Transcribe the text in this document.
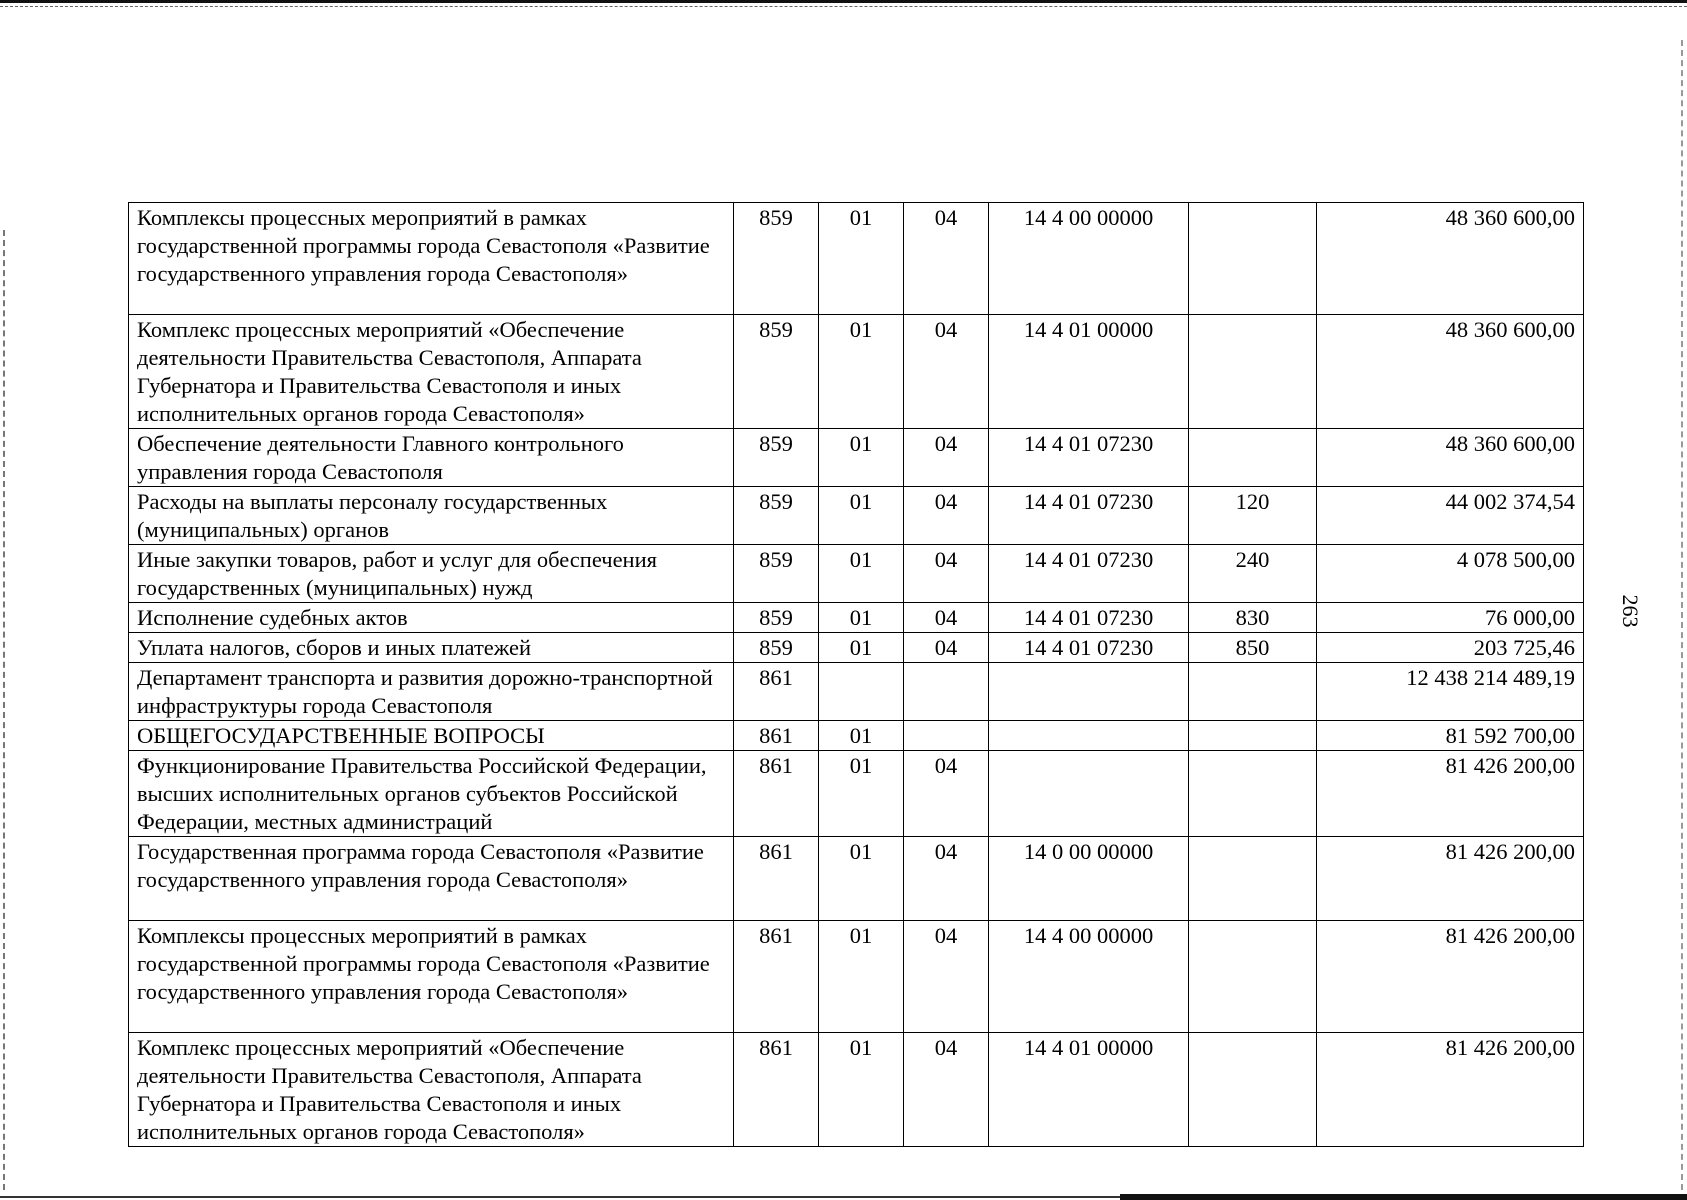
263
Комплексы процессных мероприятий в рамках государственной программы города Севастополя «Развитие государственного управления города Севастополя»	859	01	04	14 4 00 00000		48 360 600,00
Комплекс процессных мероприятий «Обеспечение деятельности Правительства Севастополя, Аппарата Губернатора и Правительства Севастополя и иных исполнительных органов города Севастополя»	859	01	04	14 4 01 00000		48 360 600,00
Обеспечение деятельности Главного контрольного управления города Севастополя	859	01	04	14 4 01 07230		48 360 600,00
Расходы на выплаты персоналу государственных (муниципальных) органов	859	01	04	14 4 01 07230	120	44 002 374,54
Иные закупки товаров, работ и услуг для обеспечения государственных (муниципальных) нужд	859	01	04	14 4 01 07230	240	4 078 500,00
Исполнение судебных актов	859	01	04	14 4 01 07230	830	76 000,00
Уплата налогов, сборов и иных платежей	859	01	04	14 4 01 07230	850	203 725,46
Департамент транспорта и развития дорожно-транспортной инфраструктуры города Севастополя	861					12 438 214 489,19
ОБЩЕГОСУДАРСТВЕННЫЕ ВОПРОСЫ	861	01				81 592 700,00
Функционирование Правительства Российской Федерации, высших исполнительных органов субъектов Российской Федерации, местных администраций	861	01	04			81 426 200,00
Государственная программа города Севастополя «Развитие государственного управления города Севастополя»	861	01	04	14 0 00 00000		81 426 200,00
Комплексы процессных мероприятий в рамках государственной программы города Севастополя «Развитие государственного управления города Севастополя»	861	01	04	14 4 00 00000		81 426 200,00
Комплекс процессных мероприятий «Обеспечение деятельности Правительства Севастополя, Аппарата Губернатора и Правительства Севастополя и иных исполнительных органов города Севастополя»	861	01	04	14 4 01 00000		81 426 200,00
